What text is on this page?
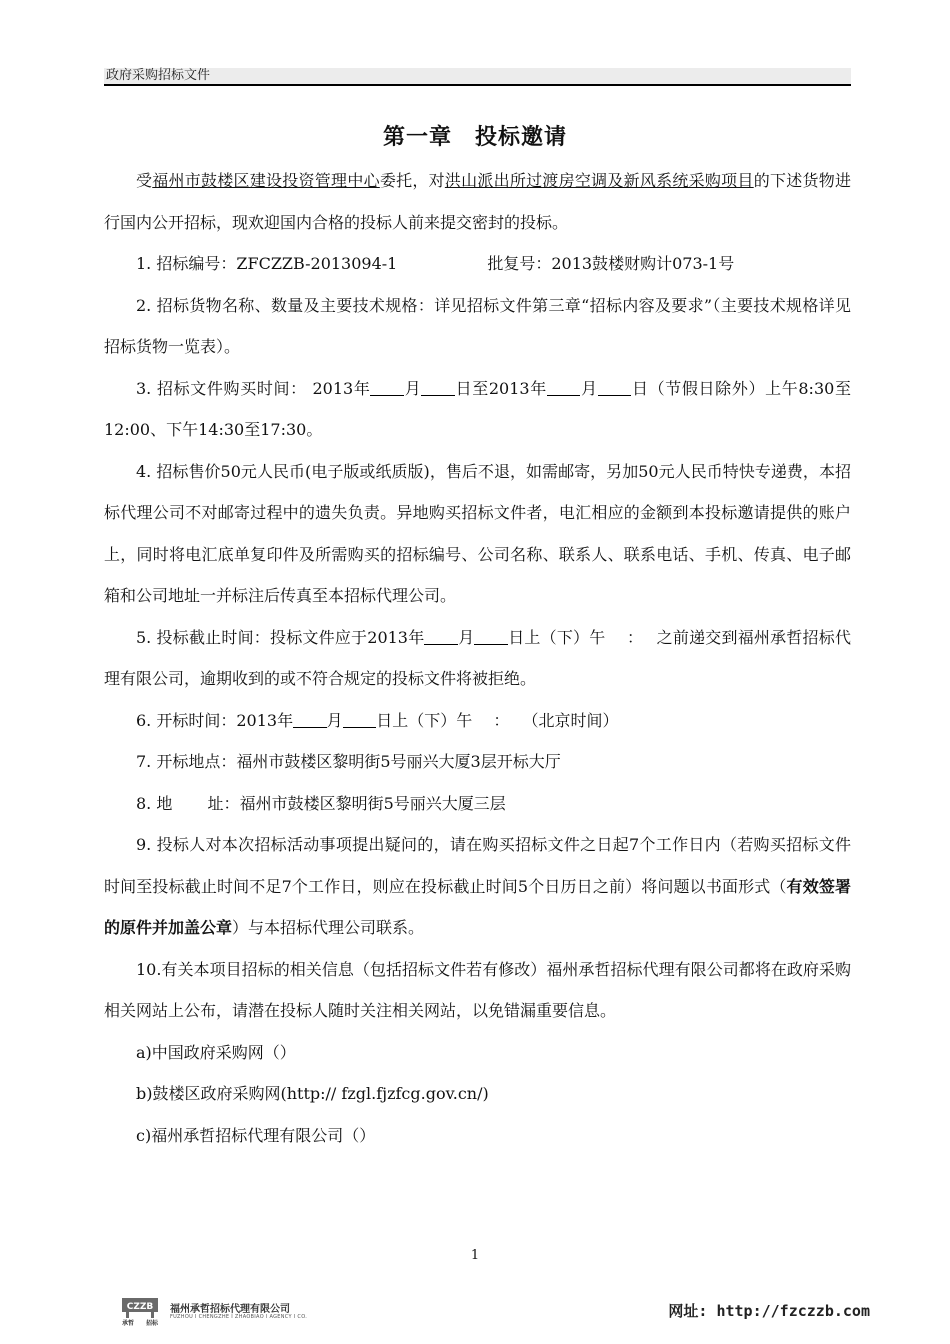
政府采购招标文件
第一章　投标邀请

受福州市鼓楼区建设投资管理中心委托，对洪山派出所过渡房空调及新风系统采购项目的下述货物进行国内公开招标，现欢迎国内合格的投标人前来提交密封的投标。

1. 招标编号：ZFCZZB-2013094-1	批复号：2013鼓楼财购计073-1号

2. 招标货物名称、数量及主要技术规格：详见招标文件第三章“招标内容及要求”（主要技术规格详见招标货物一览表）。

3. 招标文件购买时间： 2013年 月 日至2013年 月 日（节假日除外）上午8:30至12:00、下午14:30至17:30。

4. 招标售价50元人民币(电子版或纸质版)，售后不退，如需邮寄，另加50元人民币特快专递费，本招标代理公司不对邮寄过程中的遗失负责。异地购买招标文件者，电汇相应的金额到本投标邀请提供的账户上，同时将电汇底单复印件及所需购买的招标编号、公司名称、联系人、联系电话、手机、传真、电子邮箱和公司地址一并标注后传真至本招标代理公司。

5. 投标截止时间：投标文件应于2013年 月 日上（下）午　 ：　 之前递交到福州承哲招标代理有限公司，逾期收到的或不符合规定的投标文件将被拒绝。

6. 开标时间：2013年 月 日上（下）午　 ：　 （北京时间）

7. 开标地点：福州市鼓楼区黎明街5号丽兴大厦3层开标大厅

8. 地 址：福州市鼓楼区黎明街5号丽兴大厦三层

9. 投标人对本次招标活动事项提出疑问的，请在购买招标文件之日起7个工作日内（若购买招标文件时间至投标截止时间不足7个工作日，则应在投标截止时间5个日历日之前）将问题以书面形式（有效签署的原件并加盖公章）与本招标代理公司联系。

10.有关本项目招标的相关信息（包括招标文件若有修改）福州承哲招标代理有限公司都将在政府采购相关网站上公布，请潜在投标人随时关注相关网站，以免错漏重要信息。

a)中国政府采购网（）

b)鼓楼区政府采购网(http:// fzgl.fjzfcg.gov.cn/)

c)福州承哲招标代理有限公司（）

1
CZZB
承哲 招标
福州承哲招标代理有限公司
FUZHOU I CHENGZHE I ZHAOBIAO I AGENCY I CO.	网址: http://fzczzb.com
